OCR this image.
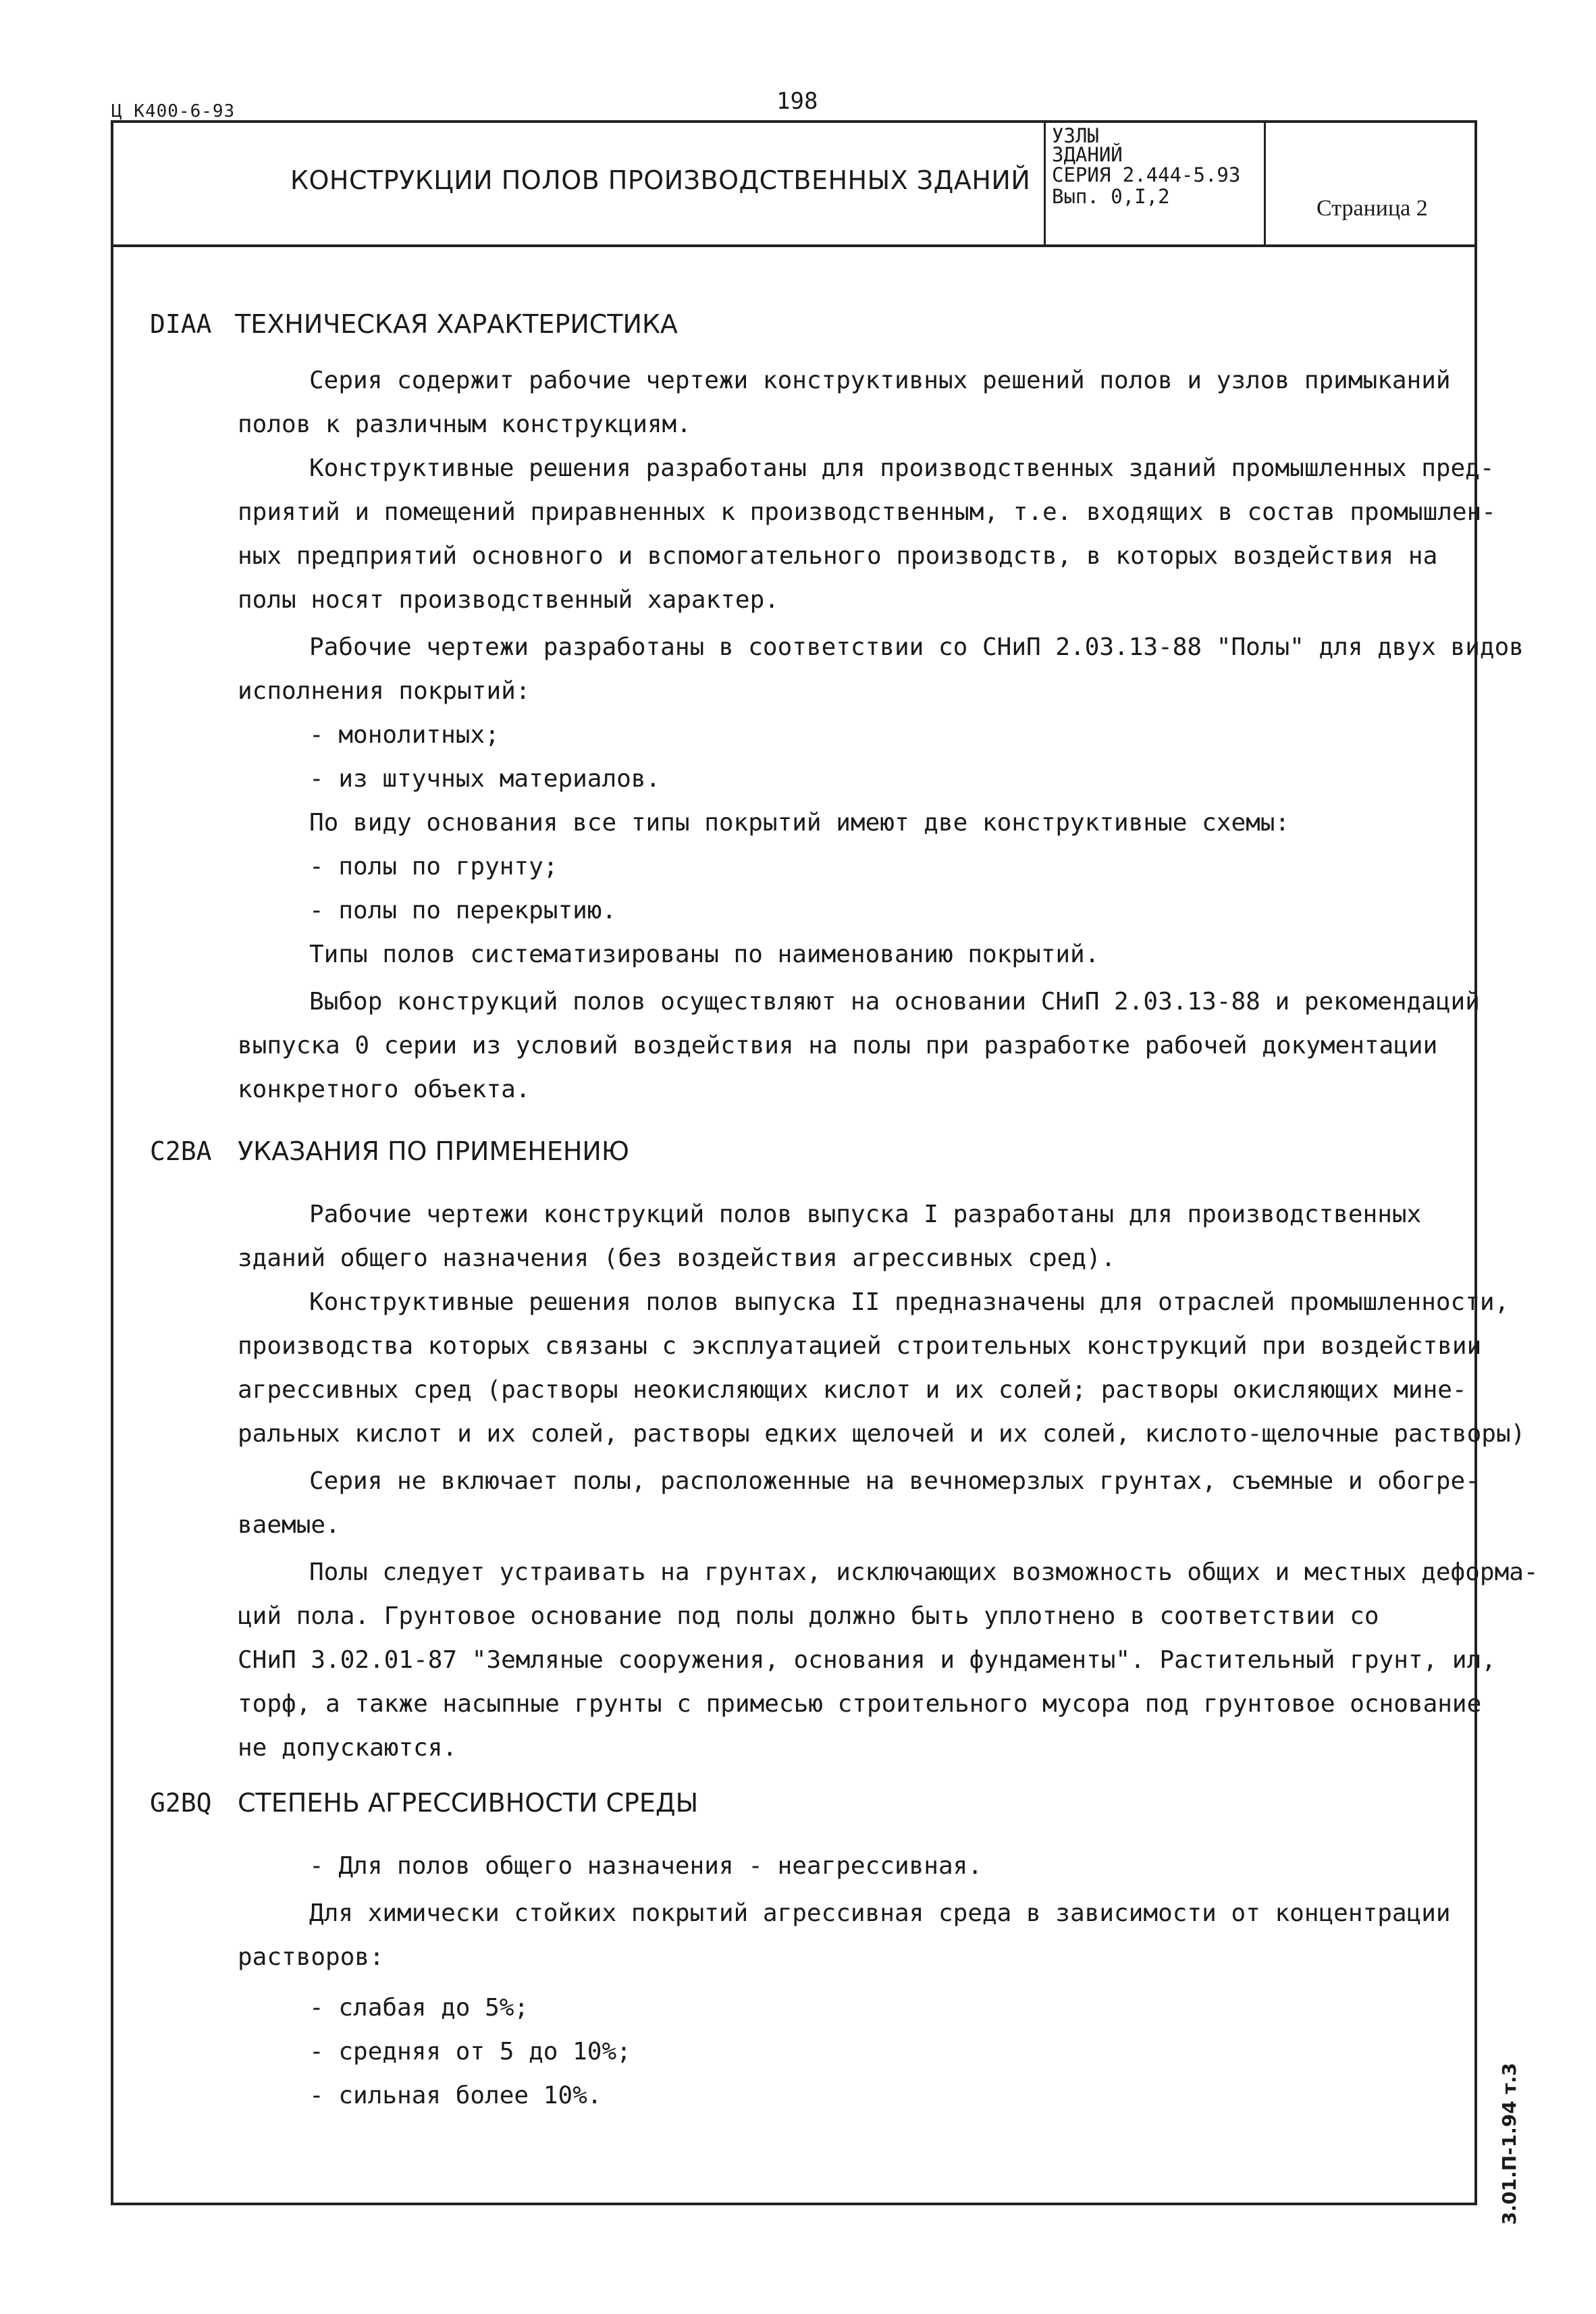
Ц К400-6-93	198
КОНСТРУКЦИИ ПОЛОВ ПРОИЗВОДСТВЕННЫХ ЗДАНИЙ
УЗЛЫ
ЗДАНИЙ
СЕРИЯ 2.444-5.93
Вып. 0,I,2	Страница 2
DIAA ТЕХНИЧЕСКАЯ ХАРАКТЕРИСТИКА
Серия содержит рабочие чертежи конструктивных решений полов и узлов примыканий
полов к различным конструкциям.
Конструктивные решения разработаны для производственных зданий промышленных пред-
приятий и помещений приравненных к производственным, т.е. входящих в состав промышлен-
ных предприятий основного и вспомогательного производств, в которых воздействия на
полы носят производственный характер.
Рабочие чертежи разработаны в соответствии со СНиП 2.03.13-88 "Полы" для двух видов
исполнения покрытий:
- монолитных;
- из штучных материалов.
По виду основания все типы покрытий имеют две конструктивные схемы:
- полы по грунту;
- полы по перекрытию.
Типы полов систематизированы по наименованию покрытий.
Выбор конструкций полов осуществляют на основании СНиП 2.03.13-88 и рекомендаций
выпуска 0 серии из условий воздействия на полы при разработке рабочей документации
конкретного объекта.
C2BA УКАЗАНИЯ ПО ПРИМЕНЕНИЮ
Рабочие чертежи конструкций полов выпуска I разработаны для производственных
зданий общего назначения (без воздействия агрессивных сред).
Конструктивные решения полов выпуска II предназначены для отраслей промышленности,
производства которых связаны с эксплуатацией строительных конструкций при воздействии
агрессивных сред (растворы неокисляющих кислот и их солей; растворы окисляющих мине-
ральных кислот и их солей, растворы едких щелочей и их солей, кислото-щелочные растворы)
Серия не включает полы, расположенные на вечномерзлых грунтах, съемные и обогре-
ваемые.
Полы следует устраивать на грунтах, исключающих возможность общих и местных деформа-
ций пола. Грунтовое основание под полы должно быть уплотнено в соответствии со
СНиП 3.02.01-87 "Земляные сооружения, основания и фундаменты". Растительный грунт, ил,
торф, а также насыпные грунты с примесью строительного мусора под грунтовое основание
не допускаются.
G2BQ СТЕПЕНЬ АГРЕССИВНОСТИ СРЕДЫ
- Для полов общего назначения - неагрессивная.
Для химически стойких покрытий агрессивная среда в зависимости от концентрации
растворов:
- слабая до 5%;
- средняя от 5 до 10%;
- сильная более 10%.	3.01.П-1.94 т.3
